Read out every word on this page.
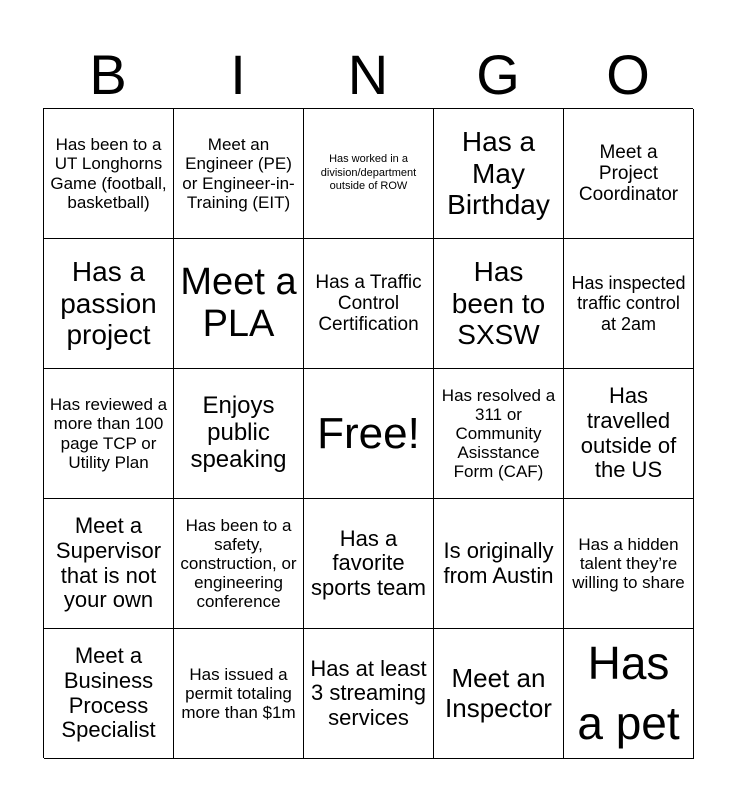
B	I	N	G	O
Has been to a UT Longhorns Game (football, basketball)
Meet an Engineer (PE) or Engineer-in-Training (EIT)
Has worked in a division/department outside of ROW
Has a May Birthday
Meet a Project Coordinator
Has a passion project
Meet a PLA
Has a Traffic Control Certification
Has been to SXSW
Has inspected traffic control at 2am
Has reviewed a more than 100 page TCP or Utility Plan
Enjoys public speaking
Free!
Has resolved a 311 or Community Asisstance Form (CAF)
Has travelled outside of the US
Meet a Supervisor that is not your own
Has been to a safety, construction, or engineering conference
Has a favorite sports team
Is originally from Austin
Has a hidden talent they’re willing to share
Meet a Business Process Specialist
Has issued a permit totaling more than $1m
Has at least 3 streaming services
Meet an Inspector
Has a pet
